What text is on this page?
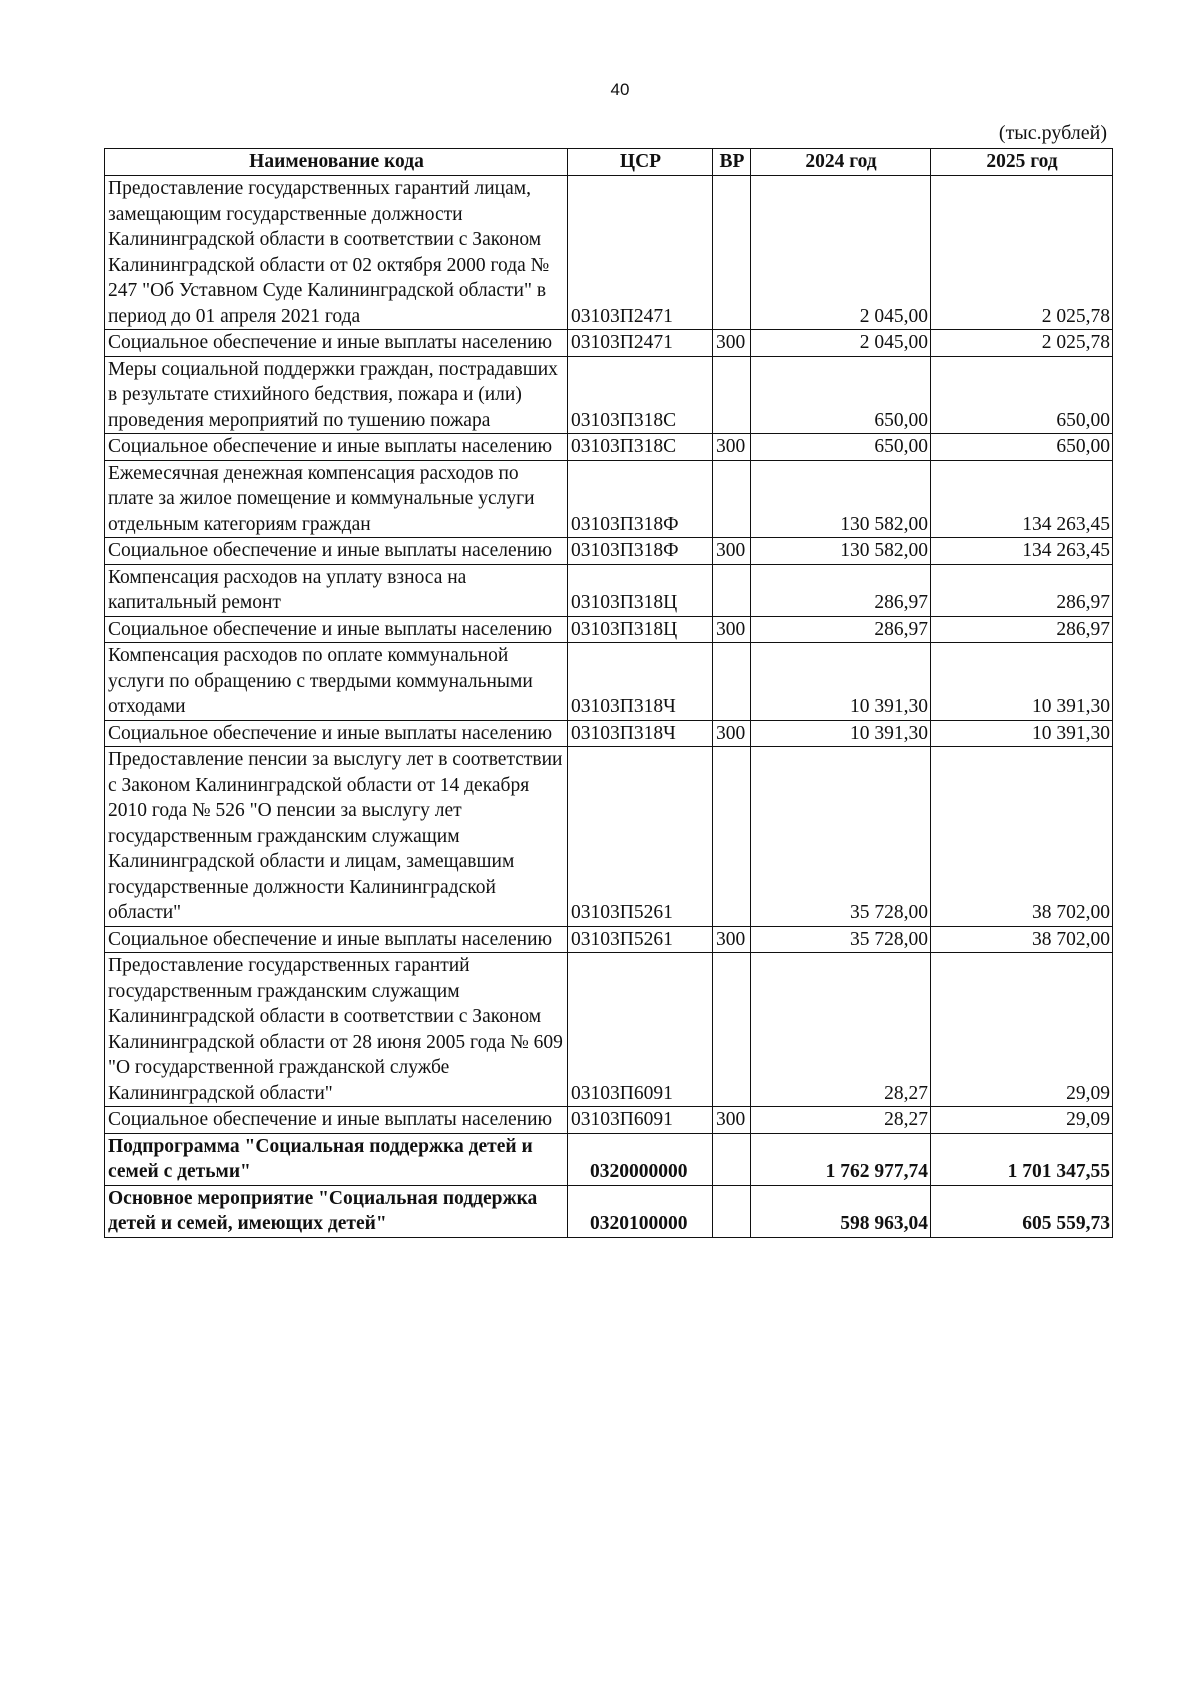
40
(тыс.рублей)
Наименование кода	ЦСР	ВР	2024 год	2025 год
Предоставление государственных гарантий лицам, замещающим государственные должности Калининградской области в соответствии с Законом Калининградской области от 02 октября 2000 года № 247 "Об Уставном Суде Калининградской области" в период до 01 апреля 2021 года	03103П2471		2 045,00	2 025,78
Социальное обеспечение и иные выплаты населению	03103П2471	300	2 045,00	2 025,78
Меры социальной поддержки граждан, пострадавших в результате стихийного бедствия, пожара и (или) проведения мероприятий по тушению пожара	03103П318С		650,00	650,00
Социальное обеспечение и иные выплаты населению	03103П318С	300	650,00	650,00
Ежемесячная денежная компенсация расходов по плате за жилое помещение и коммунальные услуги отдельным категориям граждан	03103П318Ф		130 582,00	134 263,45
Социальное обеспечение и иные выплаты населению	03103П318Ф	300	130 582,00	134 263,45
Компенсация расходов на уплату взноса на капитальный ремонт	03103П318Ц		286,97	286,97
Социальное обеспечение и иные выплаты населению	03103П318Ц	300	286,97	286,97
Компенсация расходов по оплате коммунальной услуги по обращению с твердыми коммунальными отходами	03103П318Ч		10 391,30	10 391,30
Социальное обеспечение и иные выплаты населению	03103П318Ч	300	10 391,30	10 391,30
Предоставление пенсии за выслугу лет в соответствии с Законом Калининградской области от 14 декабря 2010 года № 526 "О пенсии за выслугу лет государственным гражданским служащим Калининградской области и лицам, замещавшим государственные должности Калининградской области"	03103П5261		35 728,00	38 702,00
Социальное обеспечение и иные выплаты населению	03103П5261	300	35 728,00	38 702,00
Предоставление государственных гарантий государственным гражданским служащим Калининградской области в соответствии с Законом Калининградской области от 28 июня 2005 года № 609 "О государственной гражданской службе Калининградской области"	03103П6091		28,27	29,09
Социальное обеспечение и иные выплаты населению	03103П6091	300	28,27	29,09
Подпрограмма "Социальная поддержка детей и семей с детьми"	0320000000		1 762 977,74	1 701 347,55
Основное мероприятие "Социальная поддержка детей и семей, имеющих детей"	0320100000		598 963,04	605 559,73
